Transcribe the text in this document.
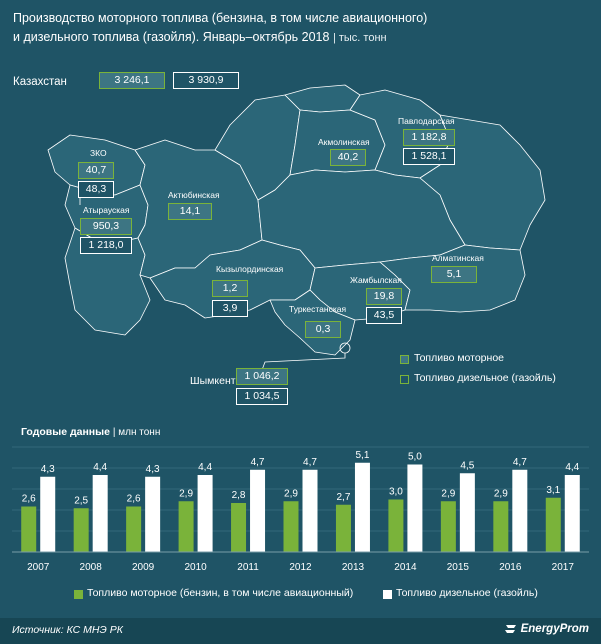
Производство моторного топлива (бензина, в том числе авиационного)
и дизельного топлива (газойля). Январь–октябрь 2018 | тыс. тонн
Казахстан	3 246,1	3 930,9
ЗКО
40,7
48,3
Атырауская
950,3
1 218,0
Актюбинская
14,1
Акмолинская
40,2
Павлодарская
1 182,8
1 528,1
Кызылординская
1,2
3,9
Жамбылская
19,8
43,5
Туркестанская
0,3
Алматинская
5,1
Шымкент 1 046,2
1 034,5
Топливо моторное
Топливо дизельное (газойль)
Годовые данные | млн тонн
2,6
4,3
2007
2,5
4,4
2008
2,6
4,3
2009
2,9
4,4
2010
2,8
4,7
2011
2,9
4,7
2012
2,7
5,1
2013
3,0
5,0
2014
2,9
4,5
2015
2,9
4,7
2016
3,1
4,4
2017
Топливо моторное (бензин, в том числе авиационный)	Топливо дизельное (газойль)
Источник: КС МНЭ РК	EnergyProm
